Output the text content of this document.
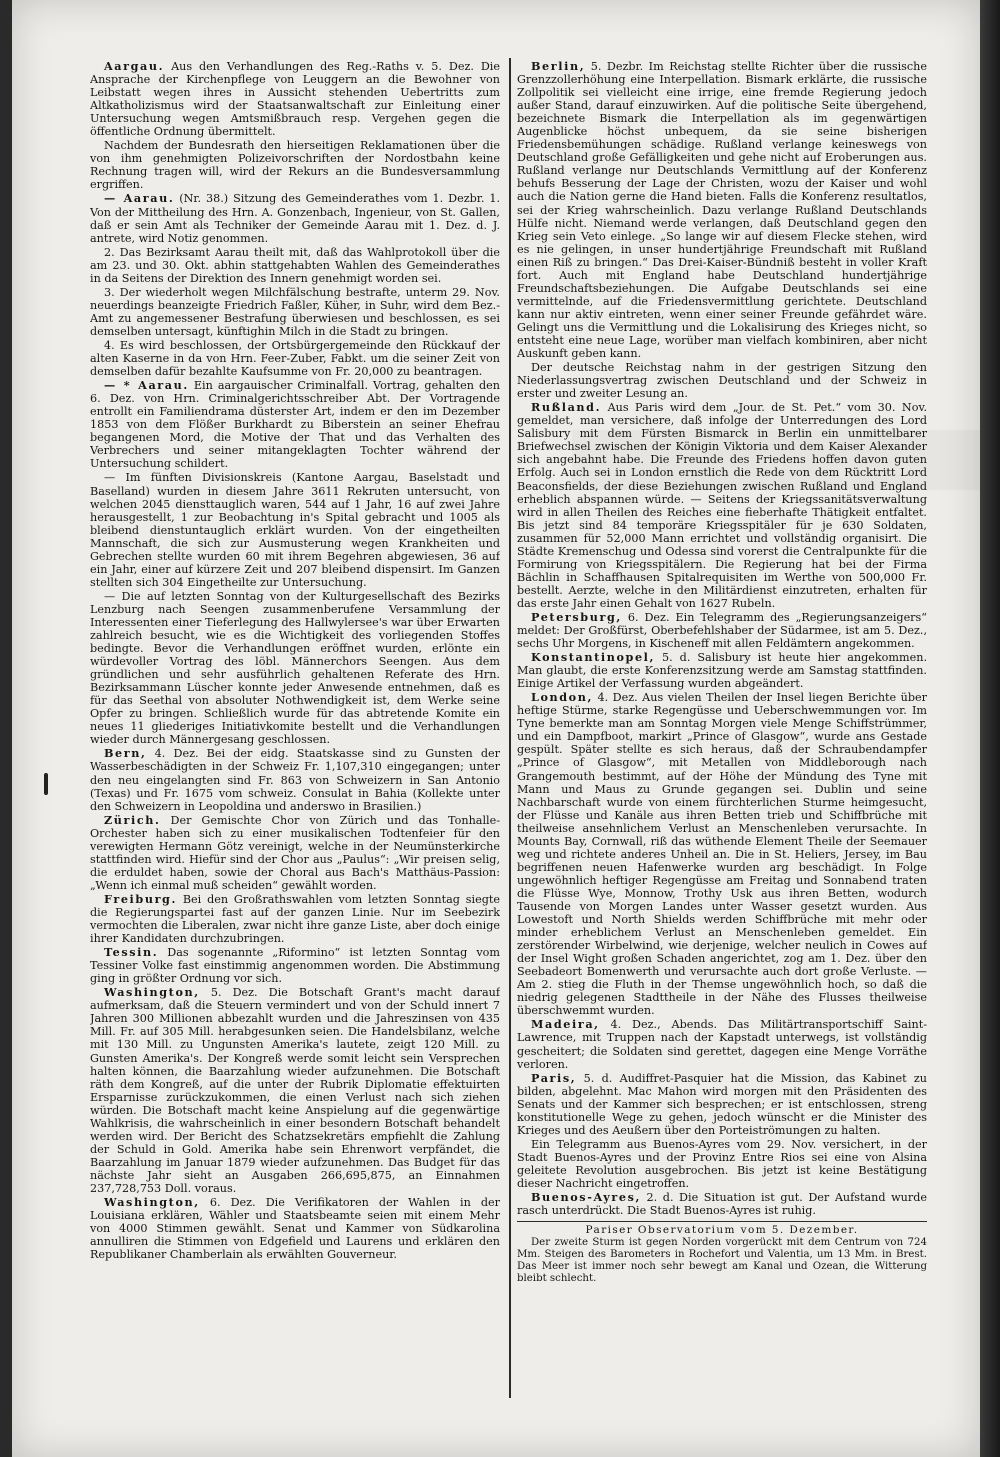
Aargau. Aus den Verhandlungen des Reg.-Raths v. 5. Dez. Die Ansprache der Kirchenpflege von Leuggern an die Bewohner von Leibstatt wegen ihres in Aussicht stehenden Uebertritts zum Altkatholizismus wird der Staatsanwaltschaft zur Einleitung einer Untersuchung wegen Amtsmißbrauch resp. Vergehen gegen die öffentliche Ordnung übermittelt.

Nachdem der Bundesrath den hierseitigen Reklamationen über die von ihm genehmigten Polizeivorschriften der Nordostbahn keine Rechnung tragen will, wird der Rekurs an die Bundesversammlung ergriffen.

— Aarau. (Nr. 38.) Sitzung des Gemeinderathes vom 1. Dezbr. 1. Von der Mittheilung des Hrn. A. Gonzenbach, Ingenieur, von St. Gallen, daß er sein Amt als Techniker der Gemeinde Aarau mit 1. Dez. d. J. antrete, wird Notiz genommen.

2. Das Bezirksamt Aarau theilt mit, daß das Wahlprotokoll über die am 23. und 30. Okt. abhin stattgehabten Wahlen des Gemeinderathes in da Seitens der Direktion des Innern genehmigt worden sei.

3. Der wiederholt wegen Milchfälschung bestrafte, unterm 29. Nov. neuerdings beanzeigte Friedrich Faßler, Küher, in Suhr, wird dem Bez.-Amt zu angemessener Bestrafung überwiesen und beschlossen, es sei demselben untersagt, künftighin Milch in die Stadt zu bringen.

4. Es wird beschlossen, der Ortsbürgergemeinde den Rückkauf der alten Kaserne in da von Hrn. Feer-Zuber, Fabkt. um die seiner Zeit von demselben dafür bezahlte Kaufsumme von Fr. 20,000 zu beantragen.

— * Aarau. Ein aargauischer Criminalfall. Vortrag, gehalten den 6. Dez. von Hrn. Criminalgerichtsschreiber Abt. Der Vortragende entrollt ein Familiendrama düsterster Art, indem er den im Dezember 1853 von dem Flößer Burkhardt zu Biberstein an seiner Ehefrau begangenen Mord, die Motive der That und das Verhalten des Verbrechers und seiner mitangeklagten Tochter während der Untersuchung schildert.

— Im fünften Divisionskreis (Kantone Aargau, Baselstadt und Baselland) wurden in diesem Jahre 3611 Rekruten untersucht, von welchen 2045 diensttauglich waren, 544 auf 1 Jahr, 16 auf zwei Jahre herausgestellt, 1 zur Beobachtung in's Spital gebracht und 1005 als bleibend dienstuntauglich erklärt wurden. Von der eingetheilten Mannschaft, die sich zur Ausmusterung wegen Krankheiten und Gebrechen stellte wurden 60 mit ihrem Begehren abgewiesen, 36 auf ein Jahr, einer auf kürzere Zeit und 207 bleibend dispensirt. Im Ganzen stellten sich 304 Eingetheilte zur Untersuchung.

— Die auf letzten Sonntag von der Kulturgesellschaft des Bezirks Lenzburg nach Seengen zusammenberufene Versammlung der Interessenten einer Tieferlegung des Hallwylersee's war über Erwarten zahlreich besucht, wie es die Wichtigkeit des vorliegenden Stoffes bedingte. Bevor die Verhandlungen eröffnet wurden, erlönte ein würdevoller Vortrag des löbl. Männerchors Seengen. Aus dem gründlichen und sehr ausführlich gehaltenen Referate des Hrn. Bezirksammann Lüscher konnte jeder Anwesende entnehmen, daß es für das Seethal von absoluter Nothwendigkeit ist, dem Werke seine Opfer zu bringen. Schließlich wurde für das abtretende Komite ein neues 11 gliederiges Initiativkomite bestellt und die Verhandlungen wieder durch Männergesang geschlossen.

Bern, 4. Dez. Bei der eidg. Staatskasse sind zu Gunsten der Wasserbeschädigten in der Schweiz Fr. 1,107,310 eingegangen; unter den neu eingelangten sind Fr. 863 von Schweizern in San Antonio (Texas) und Fr. 1675 vom schweiz. Consulat in Bahia (Kollekte unter den Schweizern in Leopoldina und anderswo in Brasilien.)

Zürich. Der Gemischte Chor von Zürich und das Tonhalle-Orchester haben sich zu einer musikalischen Todtenfeier für den verewigten Hermann Götz vereinigt, welche in der Neumünsterkirche stattfinden wird. Hiefür sind der Chor aus „Paulus“: „Wir preisen selig, die erduldet haben, sowie der Choral aus Bach's Matthäus-Passion: „Wenn ich einmal muß scheiden“ gewählt worden.

Freiburg. Bei den Großrathswahlen vom letzten Sonntag siegte die Regierungspartei fast auf der ganzen Linie. Nur im Seebezirk vermochten die Liberalen, zwar nicht ihre ganze Liste, aber doch einige ihrer Kandidaten durchzubringen.

Tessin. Das sogenannte „Riformino“ ist letzten Sonntag vom Tessiner Volke fast einstimmig angenommen worden. Die Abstimmung ging in größter Ordnung vor sich.

Washington, 5. Dez. Die Botschaft Grant's macht darauf aufmerksam, daß die Steuern vermindert und von der Schuld innert 7 Jahren 300 Millionen abbezahlt wurden und die Jahreszinsen von 435 Mill. Fr. auf 305 Mill. herabgesunken seien. Die Handelsbilanz, welche mit 130 Mill. zu Ungunsten Amerika's lautete, zeigt 120 Mill. zu Gunsten Amerika's. Der Kongreß werde somit leicht sein Versprechen halten können, die Baarzahlung wieder aufzunehmen. Die Botschaft räth dem Kongreß, auf die unter der Rubrik Diplomatie effektuirten Ersparnisse zurückzukommen, die einen Verlust nach sich ziehen würden. Die Botschaft macht keine Anspielung auf die gegenwärtige Wahlkrisis, die wahrscheinlich in einer besondern Botschaft behandelt werden wird. Der Bericht des Schatzsekretärs empfiehlt die Zahlung der Schuld in Gold. Amerika habe sein Ehrenwort verpfändet, die Baarzahlung im Januar 1879 wieder aufzunehmen. Das Budget für das nächste Jahr sieht an Ausgaben 266,695,875, an Einnahmen 237,728,753 Doll. voraus.

Washington, 6. Dez. Die Verifikatoren der Wahlen in der Louisiana erklären, Wähler und Staatsbeamte seien mit einem Mehr von 4000 Stimmen gewählt. Senat und Kammer von Südkarolina annulliren die Stimmen von Edgefield und Laurens und erklären den Republikaner Chamberlain als erwählten Gouverneur.

Berlin, 5. Dezbr. Im Reichstag stellte Richter über die russische Grenzzollerhöhung eine Interpellation. Bismark erklärte, die russische Zollpolitik sei vielleicht eine irrige, eine fremde Regierung jedoch außer Stand, darauf einzuwirken. Auf die politische Seite übergehend, bezeichnete Bismark die Interpellation als im gegenwärtigen Augenblicke höchst unbequem, da sie seine bisherigen Friedensbemühungen schädige. Rußland verlange keineswegs von Deutschland große Gefälligkeiten und gehe nicht auf Eroberungen aus. Rußland verlange nur Deutschlands Vermittlung auf der Konferenz behufs Besserung der Lage der Christen, wozu der Kaiser und wohl auch die Nation gerne die Hand bieten. Falls die Konferenz resultatlos, sei der Krieg wahrscheinlich. Dazu verlange Rußland Deutschlands Hülfe nicht. Niemand werde verlangen, daß Deutschland gegen den Krieg sein Veto einlege. „So lange wir auf diesem Flecke stehen, wird es nie gelingen, in unser hundertjährige Freundschaft mit Rußland einen Riß zu bringen.“ Das Drei-Kaiser-Bündniß besteht in voller Kraft fort. Auch mit England habe Deutschland hundertjährige Freundschaftsbeziehungen. Die Aufgabe Deutschlands sei eine vermittelnde, auf die Friedensvermittlung gerichtete. Deutschland kann nur aktiv eintreten, wenn einer seiner Freunde gefährdet wäre. Gelingt uns die Vermittlung und die Lokalisirung des Krieges nicht, so entsteht eine neue Lage, worüber man vielfach kombiniren, aber nicht Auskunft geben kann.

Der deutsche Reichstag nahm in der gestrigen Sitzung den Niederlassungsvertrag zwischen Deutschland und der Schweiz in erster und zweiter Lesung an.

Rußland. Aus Paris wird dem „Jour. de St. Pet.“ vom 30. Nov. gemeldet, man versichere, daß infolge der Unterredungen des Lord Salisbury mit dem Fürsten Bismarck in Berlin ein unmittelbarer Briefwechsel zwischen der Königin Viktoria und dem Kaiser Alexander sich angebahnt habe. Die Freunde des Friedens hoffen davon guten Erfolg. Auch sei in London ernstlich die Rede von dem Rücktritt Lord Beaconsfields, der diese Beziehungen zwischen Rußland und England erheblich abspannen würde. — Seitens der Kriegssanitätsverwaltung wird in allen Theilen des Reiches eine fieberhafte Thätigkeit entfaltet. Bis jetzt sind 84 temporäre Kriegsspitäler für je 630 Soldaten, zusammen für 52,000 Mann errichtet und vollständig organisirt. Die Städte Kremenschug und Odessa sind vorerst die Centralpunkte für die Formirung von Kriegsspitälern. Die Regierung hat bei der Firma Bächlin in Schaffhausen Spitalrequisiten im Werthe von 500,000 Fr. bestellt. Aerzte, welche in den Militärdienst einzutreten, erhalten für das erste Jahr einen Gehalt von 1627 Rubeln.

Petersburg, 6. Dez. Ein Telegramm des „Regierungsanzeigers“ meldet: Der Großfürst, Oberbefehlshaber der Südarmee, ist am 5. Dez., sechs Uhr Morgens, in Kischeneff mit allen Feldämtern angekommen.

Konstantinopel, 5. d. Salisbury ist heute hier angekommen. Man glaubt, die erste Konferenzsitzung werde am Samstag stattfinden. Einige Artikel der Verfassung wurden abgeändert.

London, 4. Dez. Aus vielen Theilen der Insel liegen Berichte über heftige Stürme, starke Regengüsse und Ueberschwemmungen vor. Im Tyne bemerkte man am Sonntag Morgen viele Menge Schiffstrümmer, und ein Dampfboot, markirt „Prince of Glasgow“, wurde ans Gestade gespült. Später stellte es sich heraus, daß der Schraubendampfer „Prince of Glasgow“, mit Metallen von Middleborough nach Grangemouth bestimmt, auf der Höhe der Mündung des Tyne mit Mann und Maus zu Grunde gegangen sei. Dublin und seine Nachbarschaft wurde von einem fürchterlichen Sturme heimgesucht, der Flüsse und Kanäle aus ihren Betten trieb und Schiffbrüche mit theilweise ansehnlichem Verlust an Menschenleben verursachte. In Mounts Bay, Cornwall, riß das wüthende Element Theile der Seemauer weg und richtete anderes Unheil an. Die in St. Heliers, Jersey, im Bau begriffenen neuen Hafenwerke wurden arg beschädigt. In Folge ungewöhnlich heftiger Regengüsse am Freitag und Sonnabend traten die Flüsse Wye, Monnow, Trothy Usk aus ihren Betten, wodurch Tausende von Morgen Landes unter Wasser gesetzt wurden. Aus Lowestoft und North Shields werden Schiffbrüche mit mehr oder minder erheblichem Verlust an Menschenleben gemeldet. Ein zerstörender Wirbelwind, wie derjenige, welcher neulich in Cowes auf der Insel Wight großen Schaden angerichtet, zog am 1. Dez. über den Seebadeort Bomenwerth und verursachte auch dort große Verluste. — Am 2. stieg die Fluth in der Themse ungewöhnlich hoch, so daß die niedrig gelegenen Stadttheile in der Nähe des Flusses theilweise überschwemmt wurden.

Madeira, 4. Dez., Abends. Das Militärtransportschiff Saint-Lawrence, mit Truppen nach der Kapstadt unterwegs, ist vollständig gescheitert; die Soldaten sind gerettet, dagegen eine Menge Vorräthe verloren.

Paris, 5. d. Audiffret-Pasquier hat die Mission, das Kabinet zu bilden, abgelehnt. Mac Mahon wird morgen mit den Präsidenten des Senats und der Kammer sich besprechen; er ist entschlossen, streng konstitutionelle Wege zu gehen, jedoch wünscht er die Minister des Krieges und des Aeußern über den Porteiströmungen zu halten.

Ein Telegramm aus Buenos-Ayres vom 29. Nov. versichert, in der Stadt Buenos-Ayres und der Provinz Entre Rios sei eine von Alsina geleitete Revolution ausgebrochen. Bis jetzt ist keine Bestätigung dieser Nachricht eingetroffen.

Buenos-Ayres, 2. d. Die Situation ist gut. Der Aufstand wurde rasch unterdrückt. Die Stadt Buenos-Ayres ist ruhig.

Pariser Observatorium vom 5. Dezember.
Der zweite Sturm ist gegen Norden vorgerückt mit dem Centrum von 724 Mm. Steigen des Barometers in Rochefort und Valentia, um 13 Mm. in Brest. Das Meer ist immer noch sehr bewegt am Kanal und Ozean, die Witterung bleibt schlecht.
